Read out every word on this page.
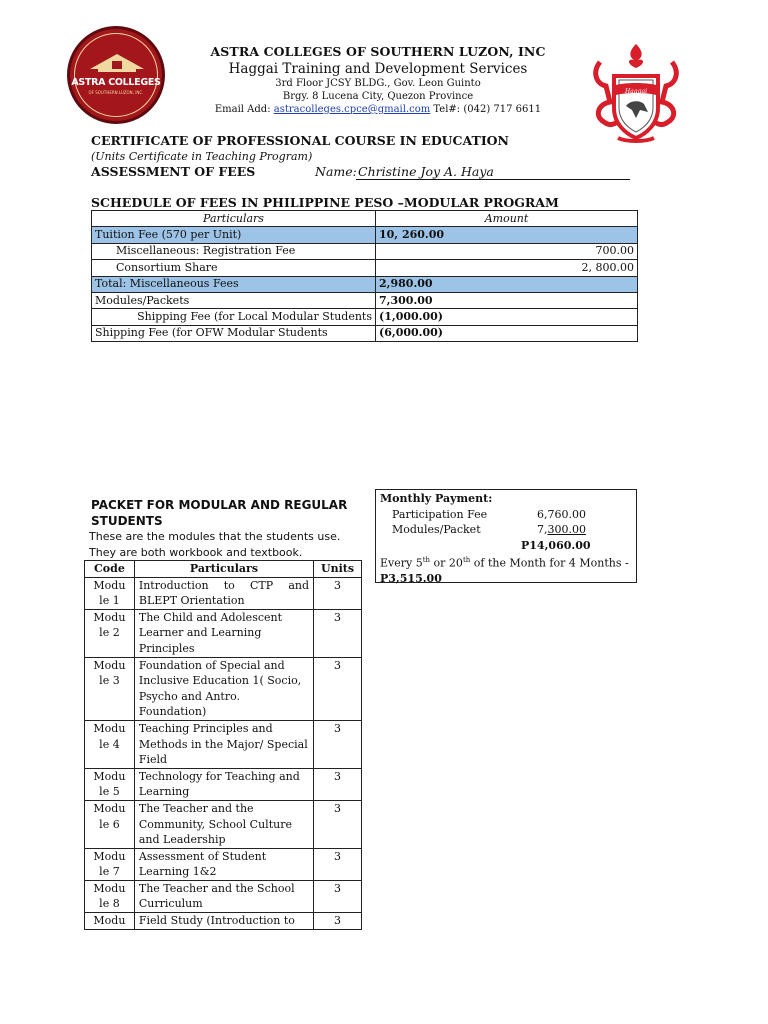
ASTRA COLLEGES
OF SOUTHERN LUZON, INC.
ASTRA COLLEGES OF SOUTHERN LUZON, INC
Haggai Training and Development Services
3rd Floor JCSY BLDG., Gov. Leon Guinto
Brgy. 8 Lucena City, Quezon Province
Email Add: astracolleges.cpce@gmail.com Tel#: (042) 717 6611
Haggai
CERTIFICATE OF PROFESSIONAL COURSE IN EDUCATION
(Units Certificate in Teaching Program)
ASSESSMENT OF FEES	Name: Christine Joy A. Haya
SCHEDULE OF FEES IN PHILIPPINE PESO –MODULAR PROGRAM
Particulars	Amount
Tuition Fee (570 per Unit)	10, 260.00
Miscellaneous: Registration Fee	700.00
Consortium Share	2, 800.00
Total: Miscellaneous Fees	2,980.00
Modules/Packets	7,300.00
Shipping Fee (for Local Modular Students	(1,000.00)
Shipping Fee (for OFW Modular Students	(6,000.00)
PACKET FOR MODULAR AND REGULAR STUDENTS
These are the modules that the students use.
They are both workbook and textbook.
Code	Particulars	Units

Modu
le 1	Introduction to CTP and BLEPT Orientation	3

Modu
le 2	The Child and Adolescent Learner and Learning Principles	3

Modu
le 3	Foundation of Special and Inclusive Education 1( Socio, Psycho and Antro. Foundation)	3

Modu
le 4	Teaching Principles and Methods in the Major/ Special Field	3

Modu
le 5	Technology for Teaching and Learning	3

Modu
le 6	The Teacher and the Community, School Culture and Leadership	3

Modu
le 7	Assessment of Student Learning 1&2	3

Modu
le 8	The Teacher and the School Curriculum	3

Modu	Field Study (Introduction to	3
Monthly Payment:
Participation Fee	6,760.00
Modules/Packet	7,300.00
P14,060.00
Every 5th or 20th of the Month for 4 Months -
P3,515.00
